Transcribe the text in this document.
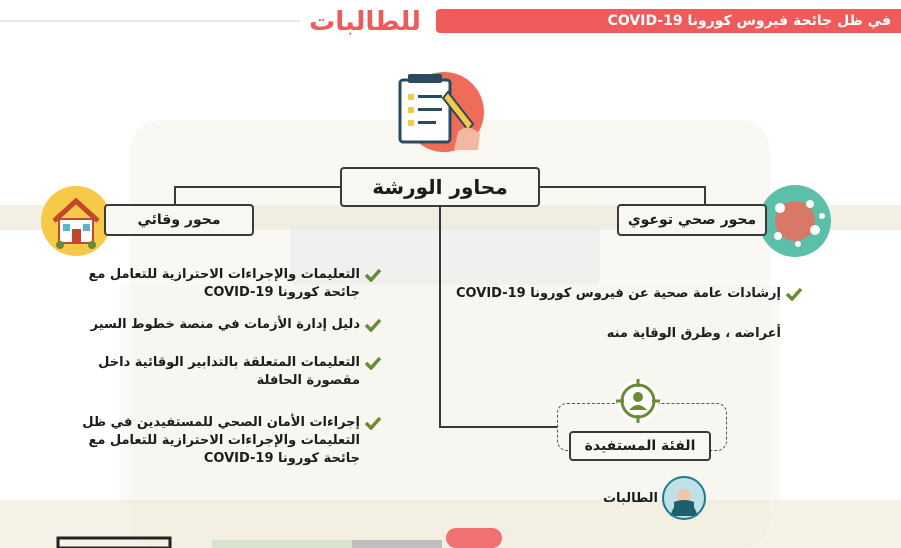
للطالبات	في ظل جائحة فيروس كورونا COVID-19
محاور الورشة
محور وقائي
التعليمات والإجراءات الاحترازية للتعامل مع جائحة كورونا COVID-19
دليل إدارة الأزمات في منصة خطوط السير
التعليمات المتعلقة بالتدابير الوقائية داخل مقصورة الحافلة
إجراءات الأمان الصحي للمستفيدين في ظل التعليمات والإجراءات الاحترازية للتعامل مع جائحة كورونا COVID-19
محور صحي توعوي
إرشادات عامة صحية عن فيروس كورونا COVID-19
أعراضه ، وطرق الوقاية منه
الفئة المستفيدة
الطالبات
